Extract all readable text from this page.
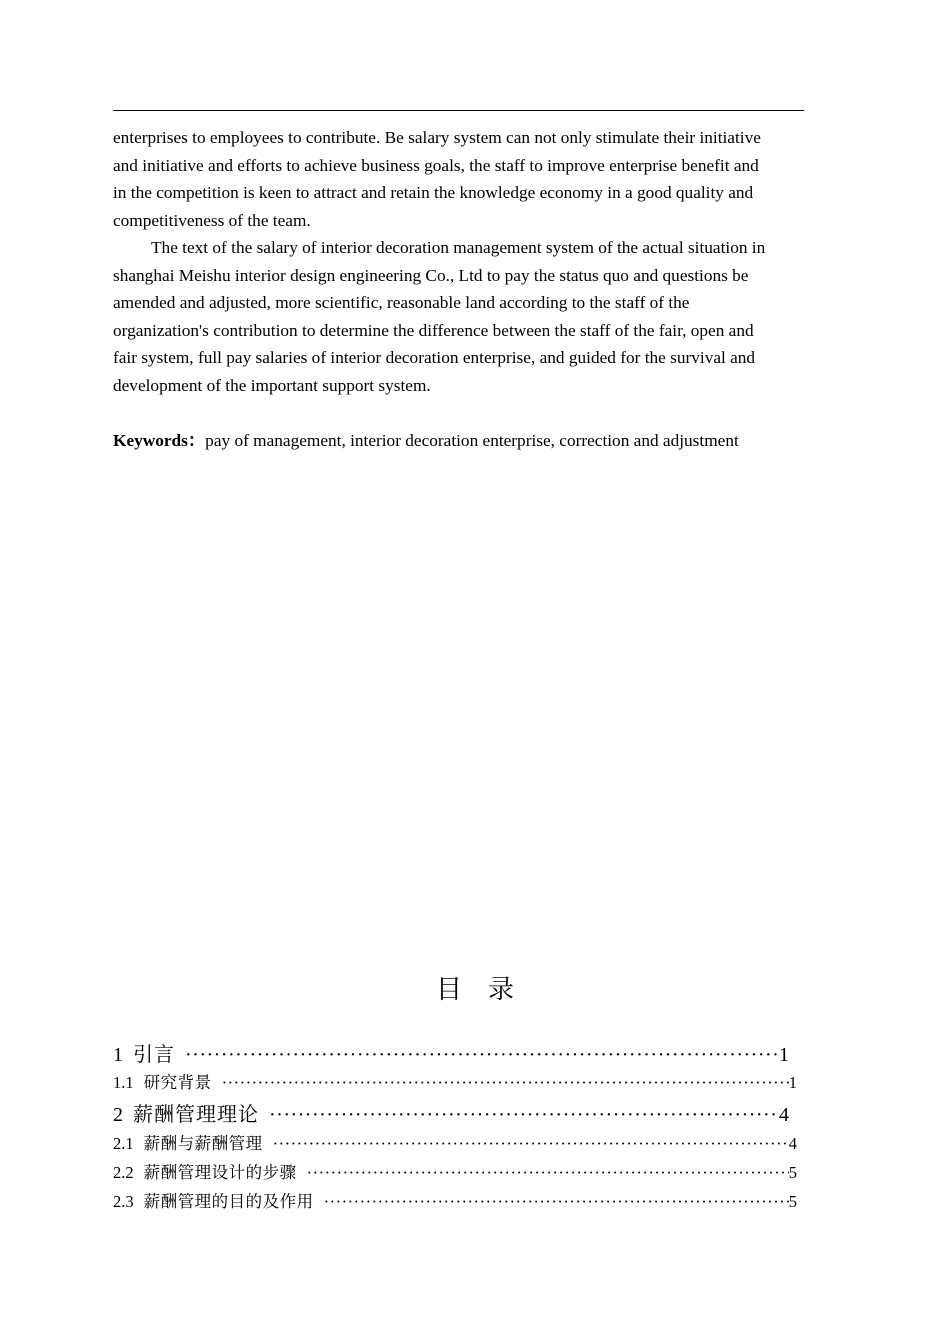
enterprises to employees to contribute. Be salary system can not only stimulate their initiative
and initiative and efforts to achieve business goals, the staff to improve enterprise benefit and
in the competition is keen to attract and retain the knowledge economy in a good quality and
competitiveness of the team.
The text of the salary of interior decoration management system of the actual situation in
shanghai Meishu interior design engineering Co., Ltd to pay the status quo and questions be
amended and adjusted, more scientific, reasonable land according to the staff of the
organization's contribution to determine the difference between the staff of the fair, open and
fair system, full pay salaries of interior decoration enterprise, and guided for the survival and
development of the important support system.
Keywords：pay of management, interior decoration enterprise, correction and adjustment
目录
1 引言 ·····	1
1.1 研究背景 ·····	1
2 薪酬管理理论 ·····	4
2.1 薪酬与薪酬管理 ·····	4
2.2 薪酬管理设计的步骤 ·····	5
2.3 薪酬管理的目的及作用 ·····	5
